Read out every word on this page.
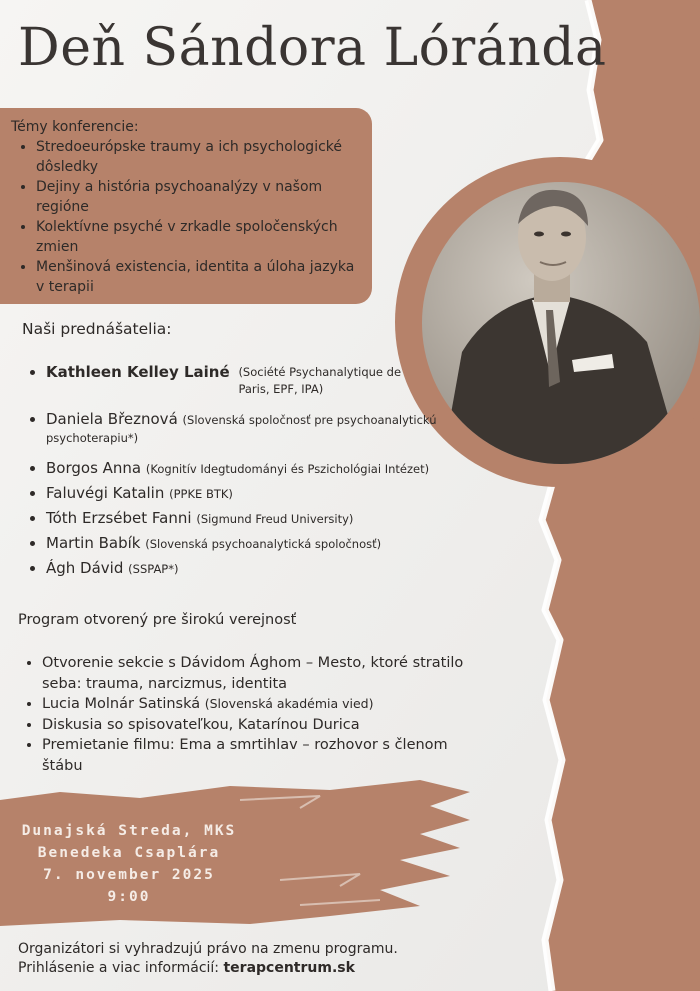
Deň Sándora Lóránda
Témy konferencie:
• Stredoeurópske traumy a ich psychologické dôsledky
• Dejiny a história psychoanalýzy v našom regióne
• Kolektívne psyché v zrkadle spoločenských zmien
• Menšinová existencia, identita a úloha jazyka v terapii
Naši prednášatelia:
• Kathleen Kelley Lainé (Société Psychanalytique de Paris, EPF, IPA)
• Daniela Březnová (Slovenská spoločnosť pre psychoanalytickú psychoterapiu*)
• Borgos Anna (Kognitív Idegtudományi és Pszichológiai Intézet)
• Faluvégi Katalin (PPKE BTK)
• Tóth Erzsébet Fanni (Sigmund Freud University)
• Martin Babík (Slovenská psychoanalytická spoločnosť)
• Ágh Dávid (SSPAP*)
Program otvorený pre širokú verejnosť
• Otvorenie sekcie s Dávidom Ághom – Mesto, ktoré stratilo seba: trauma, narcizmus, identita
• Lucia Molnár Satinská (Slovenská akadémia vied)
• Diskusia so spisovateľkou, Katarínou Durica
• Premietanie filmu: Ema a smrtihlav – rozhovor s členom štábu
Dunajská Streda, MKS
Benedeka Csaplára
7. november 2025
9:00
Organizátori si vyhradzujú právo na zmenu programu.
Prihlásenie a viac informácií: terapcentrum.sk
